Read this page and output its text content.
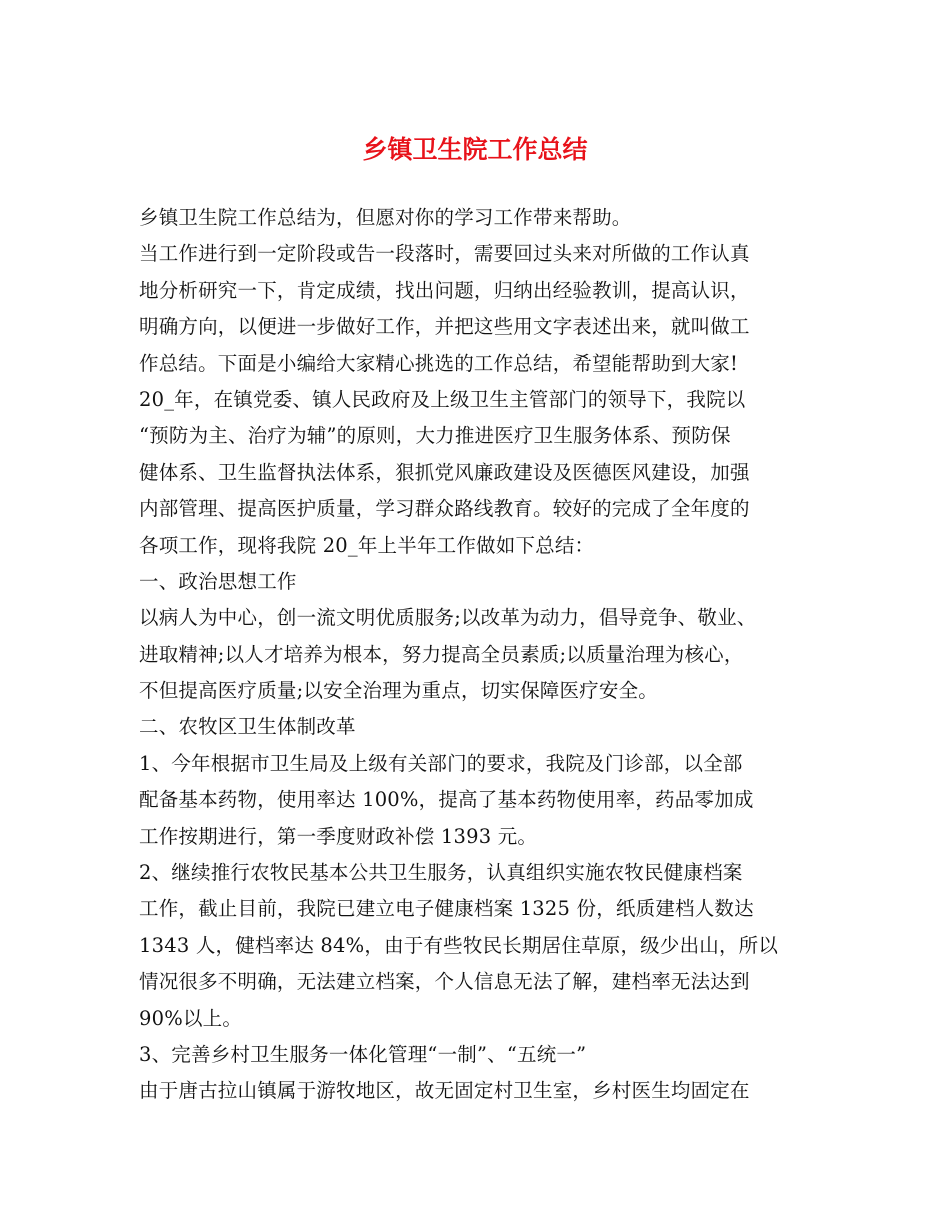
乡镇卫生院工作总结
乡镇卫生院工作总结为，但愿对你的学习工作带来帮助。
当工作进行到一定阶段或告一段落时，需要回过头来对所做的工作认真
地分析研究一下，肯定成绩，找出问题，归纳出经验教训，提高认识，
明确方向，以便进一步做好工作，并把这些用文字表述出来，就叫做工
作总结。下面是小编给大家精心挑选的工作总结，希望能帮助到大家!
20_年，在镇党委、镇人民政府及上级卫生主管部门的领导下，我院以
“预防为主、治疗为辅”的原则，大力推进医疗卫生服务体系、预防保
健体系、卫生监督执法体系，狠抓党风廉政建设及医德医风建设，加强
内部管理、提高医护质量，学习群众路线教育。较好的完成了全年度的
各项工作，现将我院 20_年上半年工作做如下总结：
一、政治思想工作
以病人为中心，创一流文明优质服务;以改革为动力，倡导竞争、敬业、
进取精神;以人才培养为根本，努力提高全员素质;以质量治理为核心，
不但提高医疗质量;以安全治理为重点，切实保障医疗安全。
二、农牧区卫生体制改革
1、今年根据市卫生局及上级有关部门的要求，我院及门诊部，以全部
配备基本药物，使用率达 100%，提高了基本药物使用率，药品零加成
工作按期进行，第一季度财政补偿 1393 元。
2、继续推行农牧民基本公共卫生服务，认真组织实施农牧民健康档案
工作，截止目前，我院已建立电子健康档案 1325 份，纸质建档人数达
1343 人，健档率达 84%，由于有些牧民长期居住草原，级少出山，所以
情况很多不明确，无法建立档案，个人信息无法了解，建档率无法达到
90%以上。
3、完善乡村卫生服务一体化管理“一制”、“五统一”
由于唐古拉山镇属于游牧地区，故无固定村卫生室，乡村医生均固定在
